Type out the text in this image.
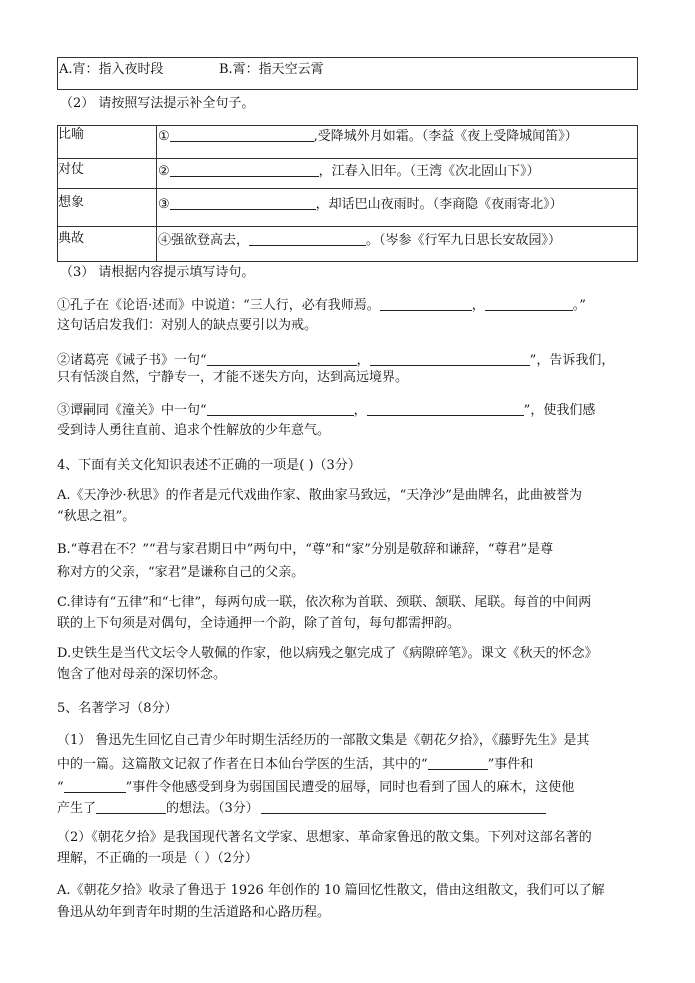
A.宵：指入夜时段	B.霄：指天空云霄
（2） 请按照写法提示补全句子。
比喻	①	,受降城外月如霜。（李益《夜上受降城闻笛》）
对仗	②	，江春入旧年。（王湾《次北固山下》）
想象	③	，却话巴山夜雨时。（李商隐《夜雨寄北》）
典故	④强欲登高去，	。（岑参《行军九日思长安故园》）
（3） 请根据内容提示填写诗句。
①孔子在《论语·述而》中说道：“三人行，必有我师焉。	，	。”
这句话启发我们：对别人的缺点要引以为戒。
②诸葛亮《诫子书》一句“	，	”，告诉我们，
只有恬淡自然，宁静专一，才能不迷失方向，达到高远境界。
③谭嗣同《潼关》中一句“	，	”，使我们感
受到诗人勇往直前、追求个性解放的少年意气。
4、下面有关文化知识表述不正确的一项是( )（3分）
A.《天净沙·秋思》的作者是元代戏曲作家、散曲家马致远，“天净沙”是曲牌名，此曲被誉为
“秋思之祖”。
B.“尊君在不？”“君与家君期日中”两句中，“尊”和“家”分别是敬辞和谦辞，“尊君”是尊
称对方的父亲，“家君”是谦称自己的父亲。
C.律诗有“五律”和“七律”，每两句成一联，依次称为首联、颈联、颔联、尾联。每首的中间两
联的上下句须是对偶句，全诗通押一个韵，除了首句，每句都需押韵。
D.史铁生是当代文坛令人敬佩的作家，他以病残之躯完成了《病隙碎笔》。课文《秋天的怀念》
饱含了他对母亲的深切怀念。
5、名著学习（8分）
（1） 鲁迅先生回忆自己青少年时期生活经历的一部散文集是《朝花夕拾》，《藤野先生》是其
中的一篇。这篇散文记叙了作者在日本仙台学医的生活，其中的“	”事件和
“	”事件令他感受到身为弱国国民遭受的屈辱，同时也看到了国人的麻木，这使他
产生了	的想法。（3分）
（2）《朝花夕拾》是我国现代著名文学家、思想家、革命家鲁迅的散文集。下列对这部名著的
理解，不正确的一项是（ ）（2分）
A.《朝花夕拾》收录了鲁迅于 1926 年创作的 10 篇回忆性散文，借由这组散文，我们可以了解
鲁迅从幼年到青年时期的生活道路和心路历程。
